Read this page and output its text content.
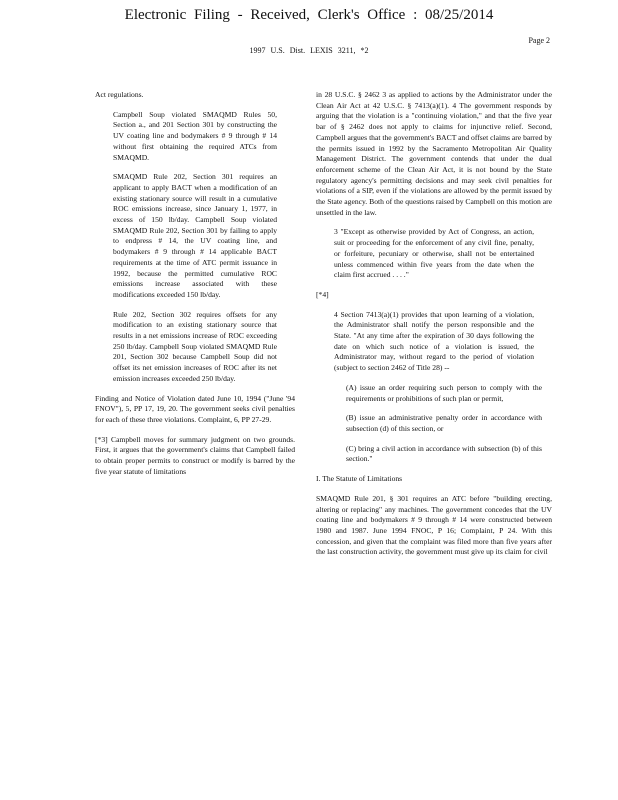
Electronic Filing - Received, Clerk's Office : 08/25/2014
Page 2
1997 U.S. Dist. LEXIS 3211, *2

Act regulations.

Campbell Soup violated SMAQMD Rules 50, Section a., and 201 Section 301 by constructing the UV coating line and bodymakers # 9 through # 14 without first obtaining the required ATCs from SMAQMD.

SMAQMD Rule 202, Section 301 requires an applicant to apply BACT when a modification of an existing stationary source will result in a cumulative ROC emissions increase, since January 1, 1977, in excess of 150 lb/day. Campbell Soup violated SMAQMD Rule 202, Section 301 by failing to apply to endpress # 14, the UV coating line, and bodymakers # 9 through # 14 applicable BACT requirements at the time of ATC permit issuance in 1992, because the permitted cumulative ROC emissions increase associated with these modifications exceeded 150 lb/day.

Rule 202, Section 302 requires offsets for any modification to an existing stationary source that results in a net emissions increase of ROC exceeding 250 lb/day. Campbell Soup violated SMAQMD Rule 201, Section 302 because Campbell Soup did not offset its net emission increases of ROC after its net emission increases exceeded 250 lb/day.

Finding and Notice of Violation dated June 10, 1994 ("June '94 FNOV"), 5, PP 17, 19, 20. The government seeks civil penalties for each of these three violations. Complaint, 6, PP 27-29.

[*3] Campbell moves for summary judgment on two grounds. First, it argues that the government's claims that Campbell failed to obtain proper permits to construct or modify is barred by the five year statute of limitations

in 28 U.S.C. § 2462 3 as applied to actions by the Administrator under the Clean Air Act at 42 U.S.C. § 7413(a)(1). 4 The government responds by arguing that the violation is a "continuing violation," and that the five year bar of § 2462 does not apply to claims for injunctive relief. Second, Campbell argues that the government's BACT and offset claims are barred by the permits issued in 1992 by the Sacramento Metropolitan Air Quality Management District. The government contends that under the dual enforcement scheme of the Clean Air Act, it is not bound by the State regulatory agency's permitting decisions and may seek civil penalties for violations of a SIP, even if the violations are allowed by the permit issued by the State agency. Both of the questions raised by Campbell on this motion are unsettled in the law.

3 "Except as otherwise provided by Act of Congress, an action, suit or proceeding for the enforcement of any civil fine, penalty, or forfeiture, pecuniary or otherwise, shall not be entertained unless commenced within five years from the date when the claim first accrued . . . ."

[*4]

4 Section 7413(a)(1) provides that upon learning of a violation, the Administrator shall notify the person responsible and the State. "At any time after the expiration of 30 days following the date on which such notice of a violation is issued, the Administrator may, without regard to the period of violation (subject to section 2462 of Title 28) --

(A) issue an order requiring such person to comply with the requirements or prohibitions of such plan or permit,

(B) issue an administrative penalty order in accordance with subsection (d) of this section, or

(C) bring a civil action in accordance with subsection (b) of this section."

I. The Statute of Limitations

SMAQMD Rule 201, § 301 requires an ATC before "building erecting, altering or replacing" any machines. The government concedes that the UV coating line and bodymakers # 9 through # 14 were constructed between 1980 and 1987. June 1994 FNOC, P 16; Complaint, P 24. With this concession, and given that the complaint was filed more than five years after the last construction activity, the government must give up its claim for civil
